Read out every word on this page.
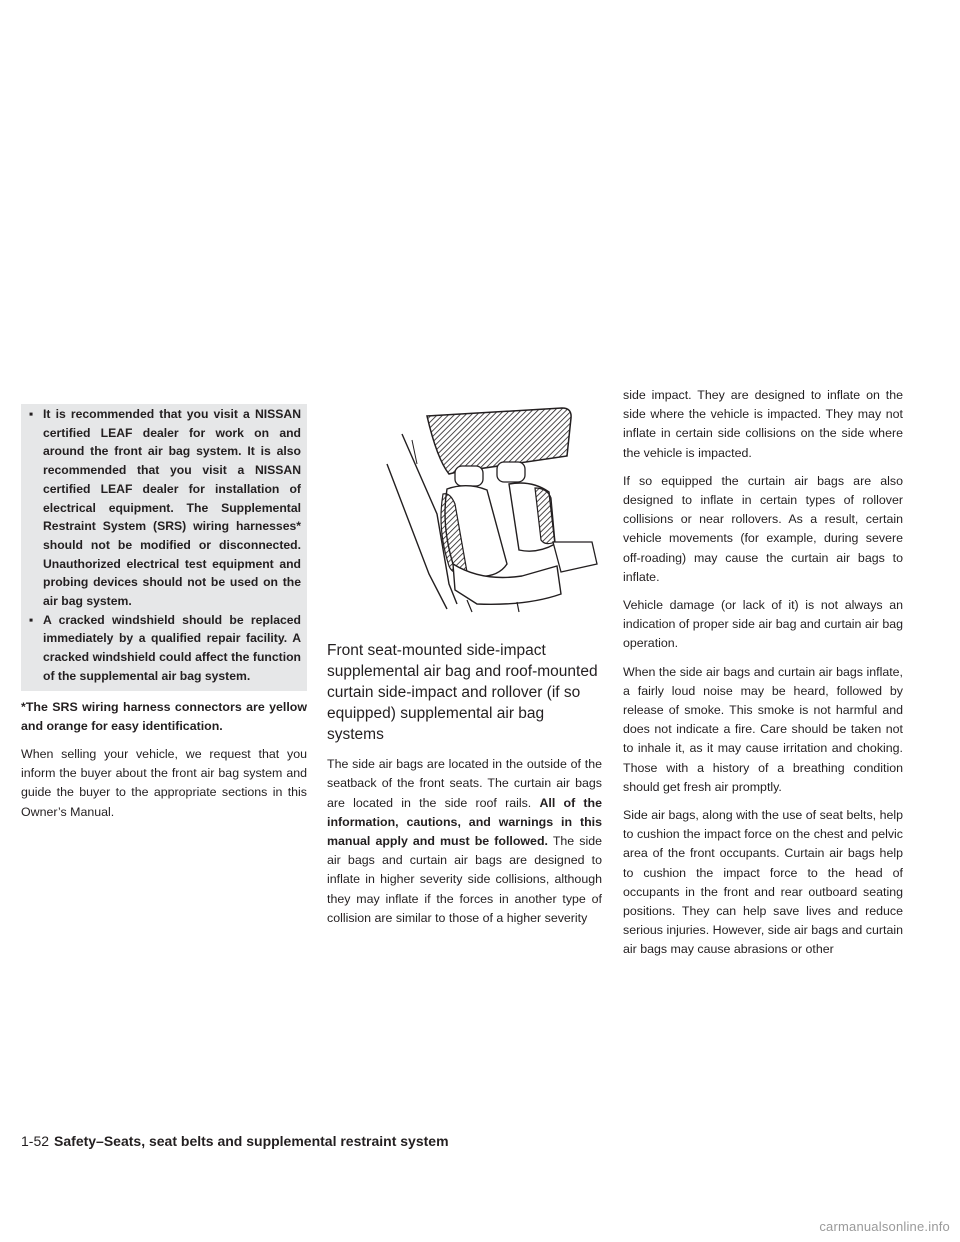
▪ It is recommended that you visit a NISSAN certified LEAF dealer for work on and around the front air bag system. It is also recommended that you visit a NISSAN certified LEAF dealer for installation of electrical equipment. The Supplemental Restraint System (SRS) wiring harnesses* should not be modified or disconnected. Unauthorized electrical test equipment and probing devices should not be used on the air bag system.
▪ A cracked windshield should be replaced immediately by a qualified repair facility. A cracked windshield could affect the function of the supplemental air bag system.

*The SRS wiring harness connectors are yellow and orange for easy identification.

When selling your vehicle, we request that you inform the buyer about the front air bag system and guide the buyer to the appropriate sections in this Owner’s Manual.

Front seat-mounted side-impact supplemental air bag and roof-mounted curtain side-impact and rollover (if so equipped) supplemental air bag systems

The side air bags are located in the outside of the seatback of the front seats. The curtain air bags are located in the side roof rails. All of the information, cautions, and warnings in this manual apply and must be followed. The side air bags and curtain air bags are designed to inflate in higher severity side collisions, although they may inflate if the forces in another type of collision are similar to those of a higher severity

side impact. They are designed to inflate on the side where the vehicle is impacted. They may not inflate in certain side collisions on the side where the vehicle is impacted.

If so equipped the curtain air bags are also designed to inflate in certain types of rollover collisions or near rollovers. As a result, certain vehicle movements (for example, during severe off-roading) may cause the curtain air bags to inflate.

Vehicle damage (or lack of it) is not always an indication of proper side air bag and curtain air bag operation.

When the side air bags and curtain air bags inflate, a fairly loud noise may be heard, followed by release of smoke. This smoke is not harmful and does not indicate a fire. Care should be taken not to inhale it, as it may cause irritation and choking. Those with a history of a breathing condition should get fresh air promptly.

Side air bags, along with the use of seat belts, help to cushion the impact force on the chest and pelvic area of the front occupants. Curtain air bags help to cushion the impact force to the head of occupants in the front and rear outboard seating positions. They can help save lives and reduce serious injuries. However, side air bags and curtain air bags may cause abrasions or other

1-52 Safety–Seats, seat belts and supplemental restraint system
carmanualsonline.info
